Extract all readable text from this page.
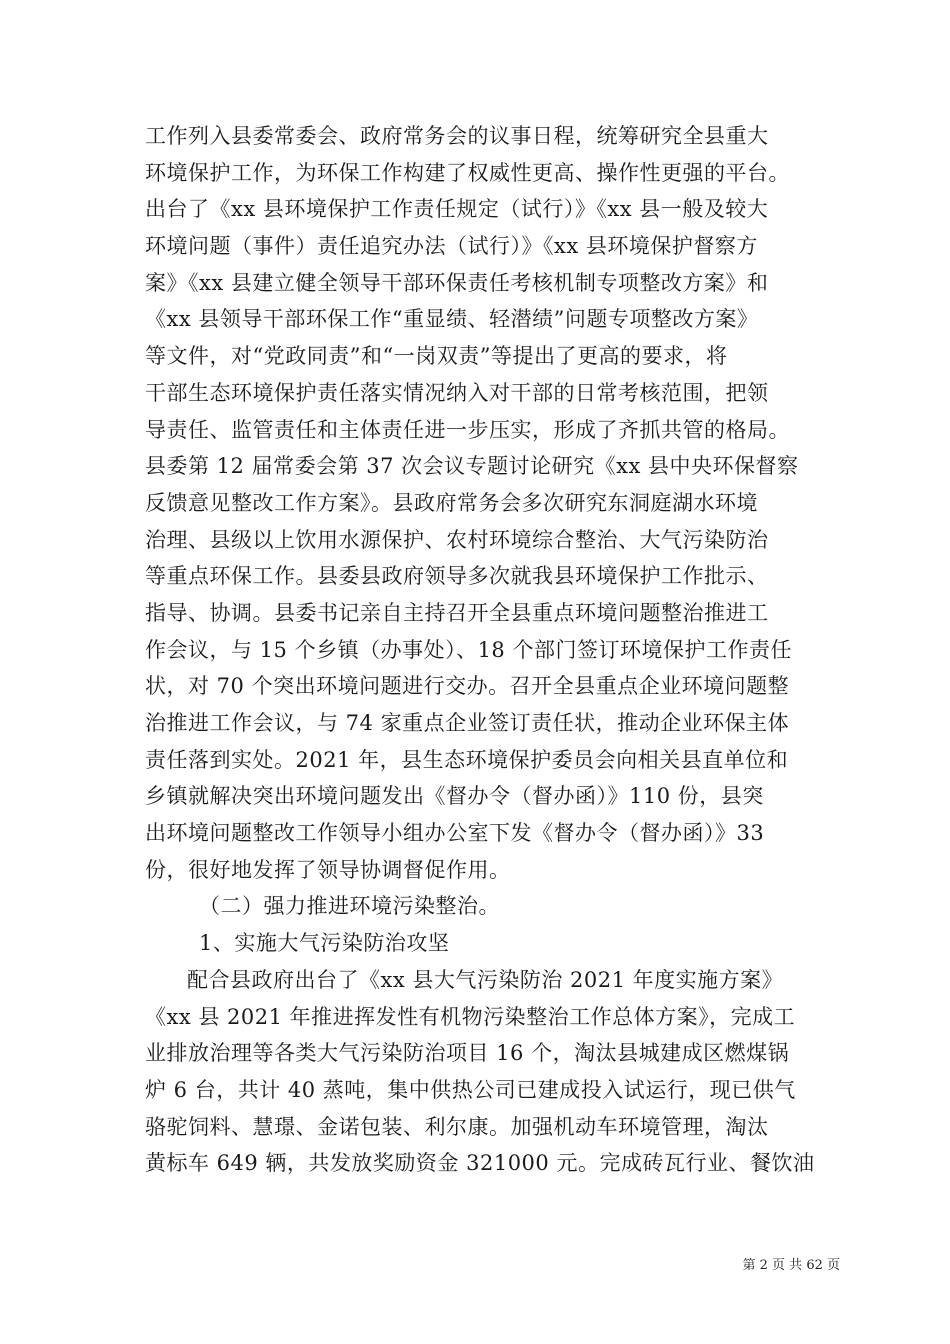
工作列入县委常委会、政府常务会的议事日程，统筹研究全县重大
环境保护工作，为环保工作构建了权威性更高、操作性更强的平台。
出台了《xx 县环境保护工作责任规定（试行）》《xx 县一般及较大
环境问题（事件）责任追究办法（试行）》《xx 县环境保护督察方
案》《xx 县建立健全领导干部环保责任考核机制专项整改方案》和
《xx 县领导干部环保工作“重显绩、轻潜绩”问题专项整改方案》
等文件，对“党政同责”和“一岗双责”等提出了更高的要求，将
干部生态环境保护责任落实情况纳入对干部的日常考核范围，把领
导责任、监管责任和主体责任进一步压实，形成了齐抓共管的格局。
县委第 12 届常委会第 37 次会议专题讨论研究《xx 县中央环保督察
反馈意见整改工作方案》。县政府常务会多次研究东洞庭湖水环境
治理、县级以上饮用水源保护、农村环境综合整治、大气污染防治
等重点环保工作。县委县政府领导多次就我县环境保护工作批示、
指导、协调。县委书记亲自主持召开全县重点环境问题整治推进工
作会议，与 15 个乡镇（办事处）、18 个部门签订环境保护工作责任
状，对 70 个突出环境问题进行交办。召开全县重点企业环境问题整
治推进工作会议，与 74 家重点企业签订责任状，推动企业环保主体
责任落到实处。2021 年，县生态环境保护委员会向相关县直单位和
乡镇就解决突出环境问题发出《督办令（督办函）》110 份，县突
出环境问题整改工作领导小组办公室下发《督办令（督办函）》33
份，很好地发挥了领导协调督促作用。
（二）强力推进环境污染整治。
1、实施大气污染防治攻坚
配合县政府出台了《xx 县大气污染防治 2021 年度实施方案》
《xx 县 2021 年推进挥发性有机物污染整治工作总体方案》，完成工
业排放治理等各类大气污染防治项目 16 个，淘汰县城建成区燃煤锅
炉 6 台，共计 40 蒸吨，集中供热公司已建成投入试运行，现已供气
骆驼饲料、慧璟、金诺包装、利尔康。加强机动车环境管理，淘汰
黄标车 649 辆，共发放奖励资金 321000 元。完成砖瓦行业、餐饮油
第 2 页 共 62 页
